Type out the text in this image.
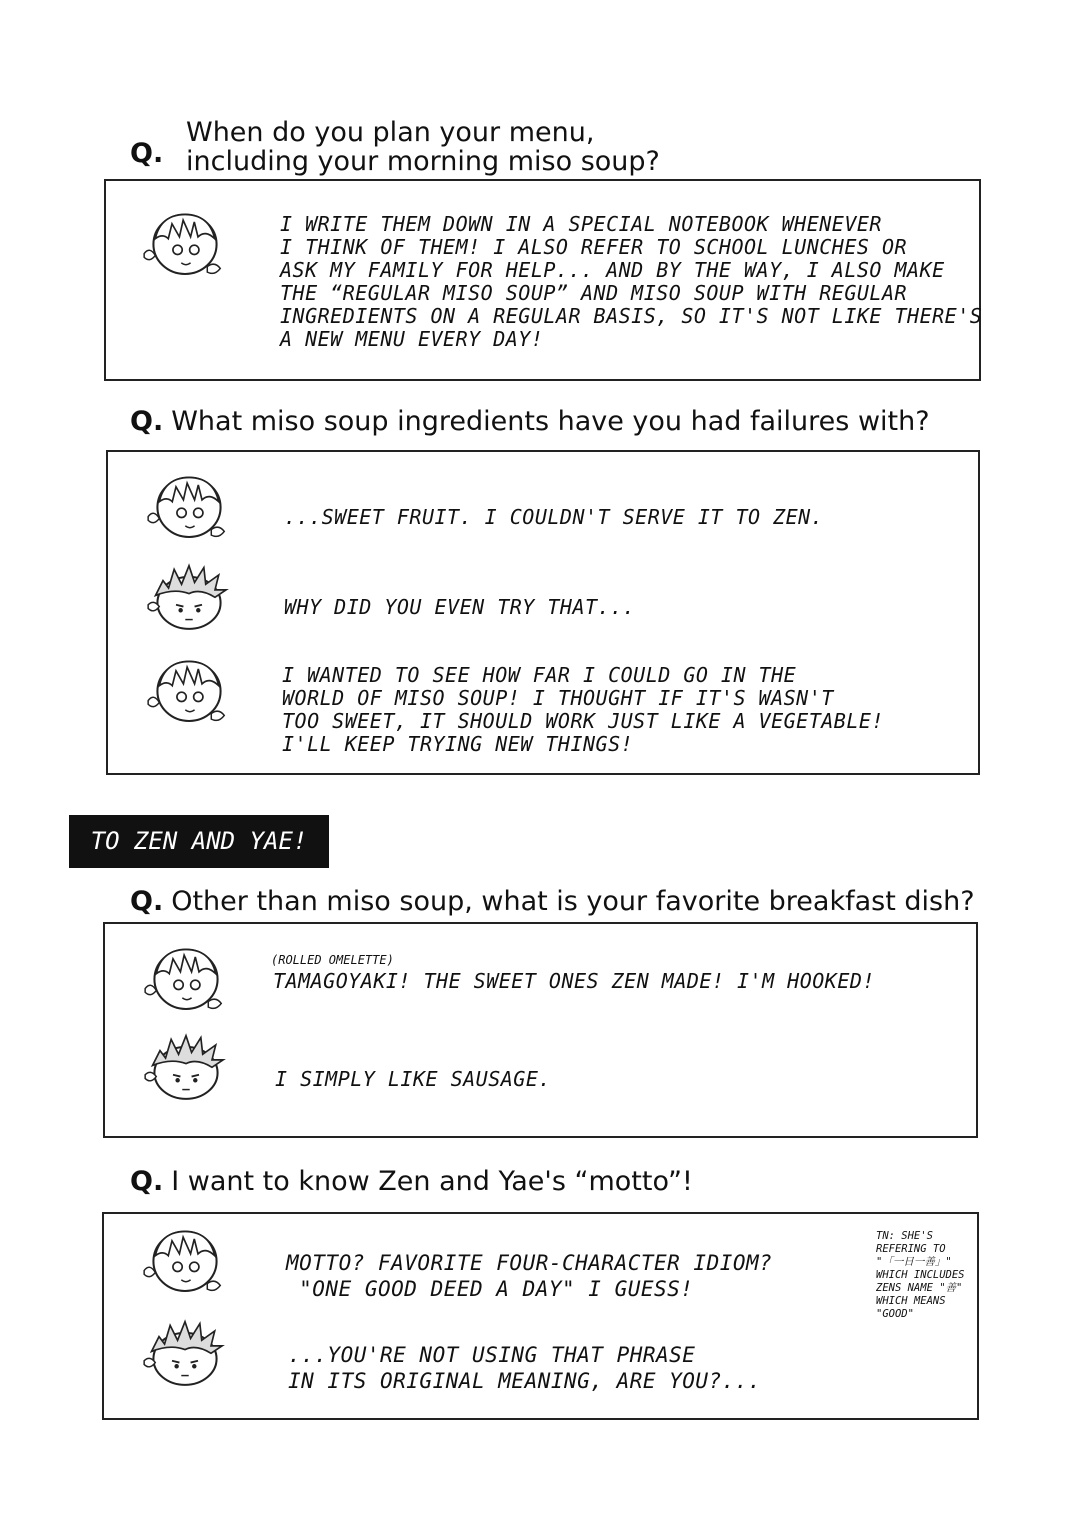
Q.
When do you plan your menu,
including your morning miso soup?
I WRITE THEM DOWN IN A SPECIAL NOTEBOOK WHENEVER
I THINK OF THEM! I ALSO REFER TO SCHOOL LUNCHES OR
ASK MY FAMILY FOR HELP... AND BY THE WAY, I ALSO MAKE
THE “REGULAR MISO SOUP” AND MISO SOUP WITH REGULAR
INGREDIENTS ON A REGULAR BASIS, SO IT'S NOT LIKE THERE'S
A NEW MENU EVERY DAY!
Q. What miso soup ingredients have you had failures with?
...SWEET FRUIT. I COULDN'T SERVE IT TO ZEN.
WHY DID YOU EVEN TRY THAT...
I WANTED TO SEE HOW FAR I COULD GO IN THE
WORLD OF MISO SOUP! I THOUGHT IF IT'S WASN'T
TOO SWEET, IT SHOULD WORK JUST LIKE A VEGETABLE!
I'LL KEEP TRYING NEW THINGS!
TO ZEN AND YAE!
Q. Other than miso soup, what is your favorite breakfast dish?
(ROLLED OMELETTE)
TAMAGOYAKI! THE SWEET ONES ZEN MADE! I'M HOOKED!
I SIMPLY LIKE SAUSAGE.
Q. I want to know Zen and Yae's “motto”!
MOTTO? FAVORITE FOUR-CHARACTER IDIOM?
"ONE GOOD DEED A DAY" I GUESS!
...YOU'RE NOT USING THAT PHRASE
IN ITS ORIGINAL MEANING, ARE YOU?...
TN: SHE'S
REFERING TO
"「一日一善」"
WHICH INCLUDES
ZENS NAME "善"
WHICH MEANS
"GOOD"
